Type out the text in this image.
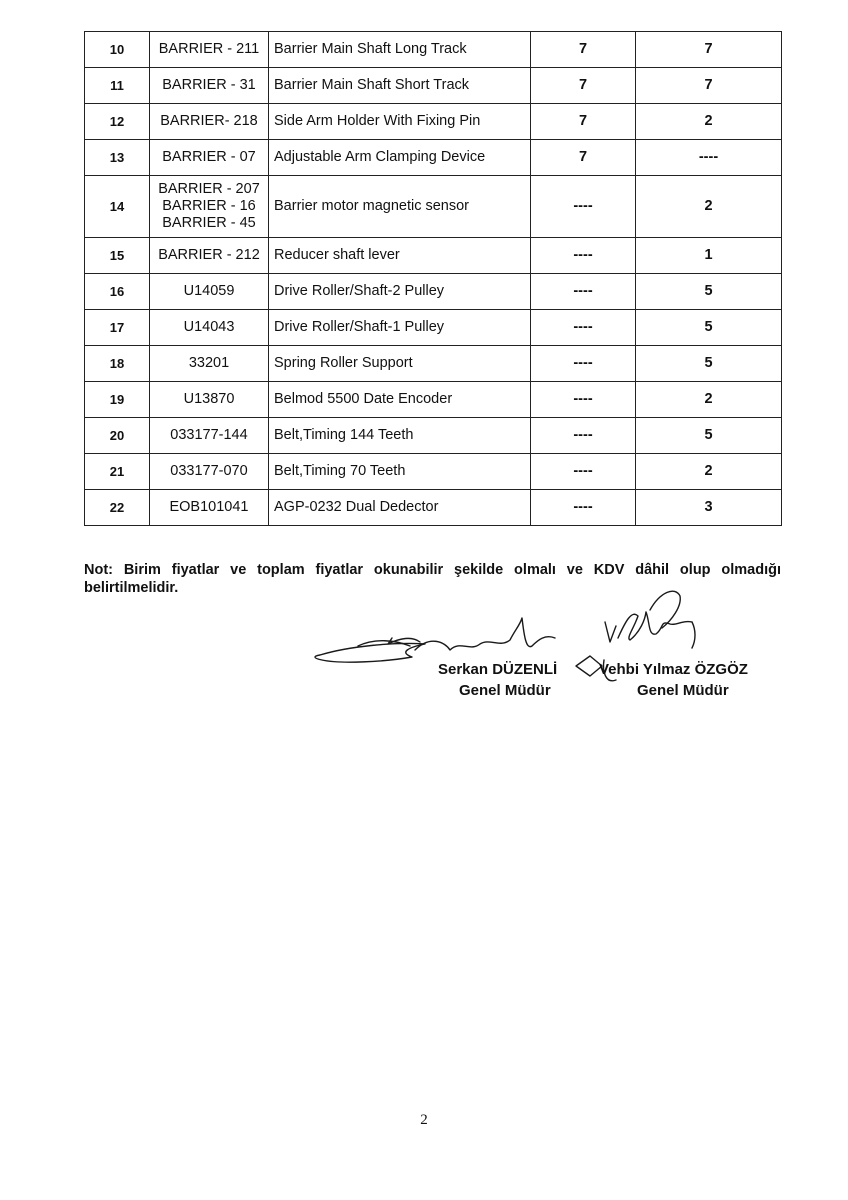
10	BARRIER - 211	Barrier Main Shaft Long Track	7	7
11	BARRIER - 31	Barrier Main Shaft Short Track	7	7
12	BARRIER- 218	Side Arm Holder With Fixing Pin	7	2
13	BARRIER - 07	Adjustable Arm Clamping Device	7	----
14	BARRIER - 207
BARRIER - 16
BARRIER - 45	Barrier motor magnetic sensor	----	2
15	BARRIER - 212	Reducer shaft lever	----	1
16	U14059	Drive Roller/Shaft-2 Pulley	----	5
17	U14043	Drive Roller/Shaft-1 Pulley	----	5
18	33201	Spring Roller Support	----	5
19	U13870	Belmod 5500 Date Encoder	----	2
20	033177-144	Belt,Timing 144 Teeth	----	5
21	033177-070	Belt,Timing 70 Teeth	----	2
22	EOB101041	AGP-0232 Dual Dedector	----	3
Not: Birim fiyatlar ve toplam fiyatlar okunabilir şekilde olmalı ve KDV dâhil olup olmadığı belirtilmelidir.
Serkan DÜZENLİ
Genel Müdür
Vehbi Yılmaz ÖZGÖZ
Genel Müdür
2
